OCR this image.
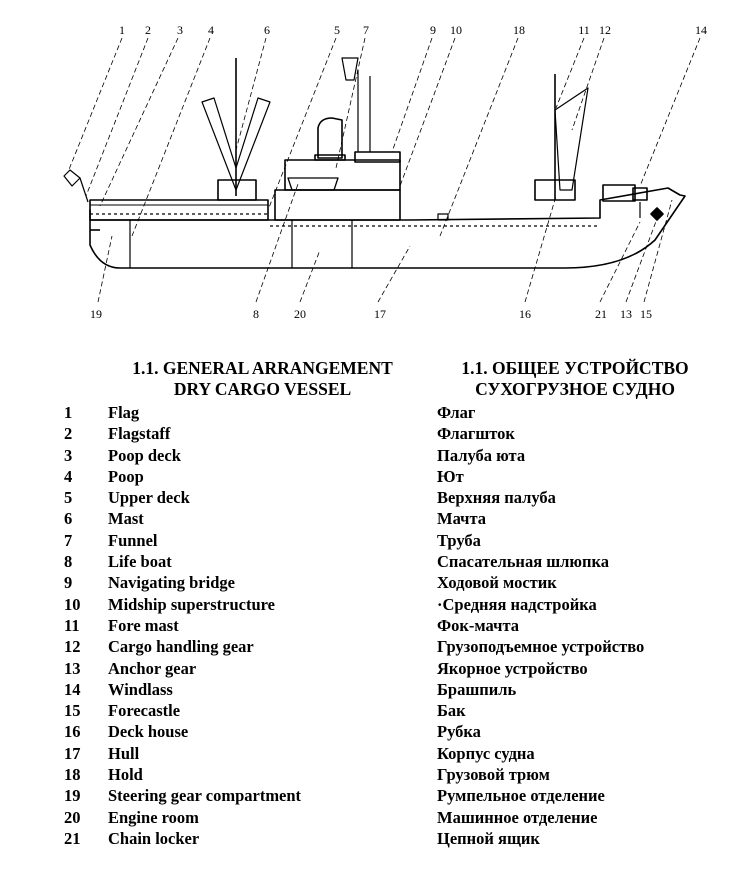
1 2 3 4	6	5 7	9 10	18	11 12	14
19	8	20	17	16	21 13 15
1.1. GENERAL ARRANGEMENT
DRY CARGO VESSEL
1.1. ОБЩЕЕ УСТРОЙСТВО
СУХОГРУЗНОЕ СУДНО
1 Flag	Флаг
2 Flagstaff	Флагшток
3 Poop deck	Палуба юта
4 Poop	Ют
5 Upper deck	Верхняя палуба
6 Mast	Мачта
7 Funnel	Труба
8 Life boat	Спасательная шлюпка
9 Navigating bridge	Ходовой мостик
10 Midship superstructure	·Средняя надстройка
11 Fore mast	Фок-мачта
12 Cargo handling gear	Грузоподъемное устройство
13 Anchor gear	Якорное устройство
14 Windlass	Брашпиль
15 Forecastle	Бак
16 Deck house	Рубка
17 Hull	Корпус судна
18 Hold	Грузовой трюм
19 Steering gear compartment	Румпельное отделение
20 Engine room	Машинное отделение
21 Chain locker	Цепной ящик
